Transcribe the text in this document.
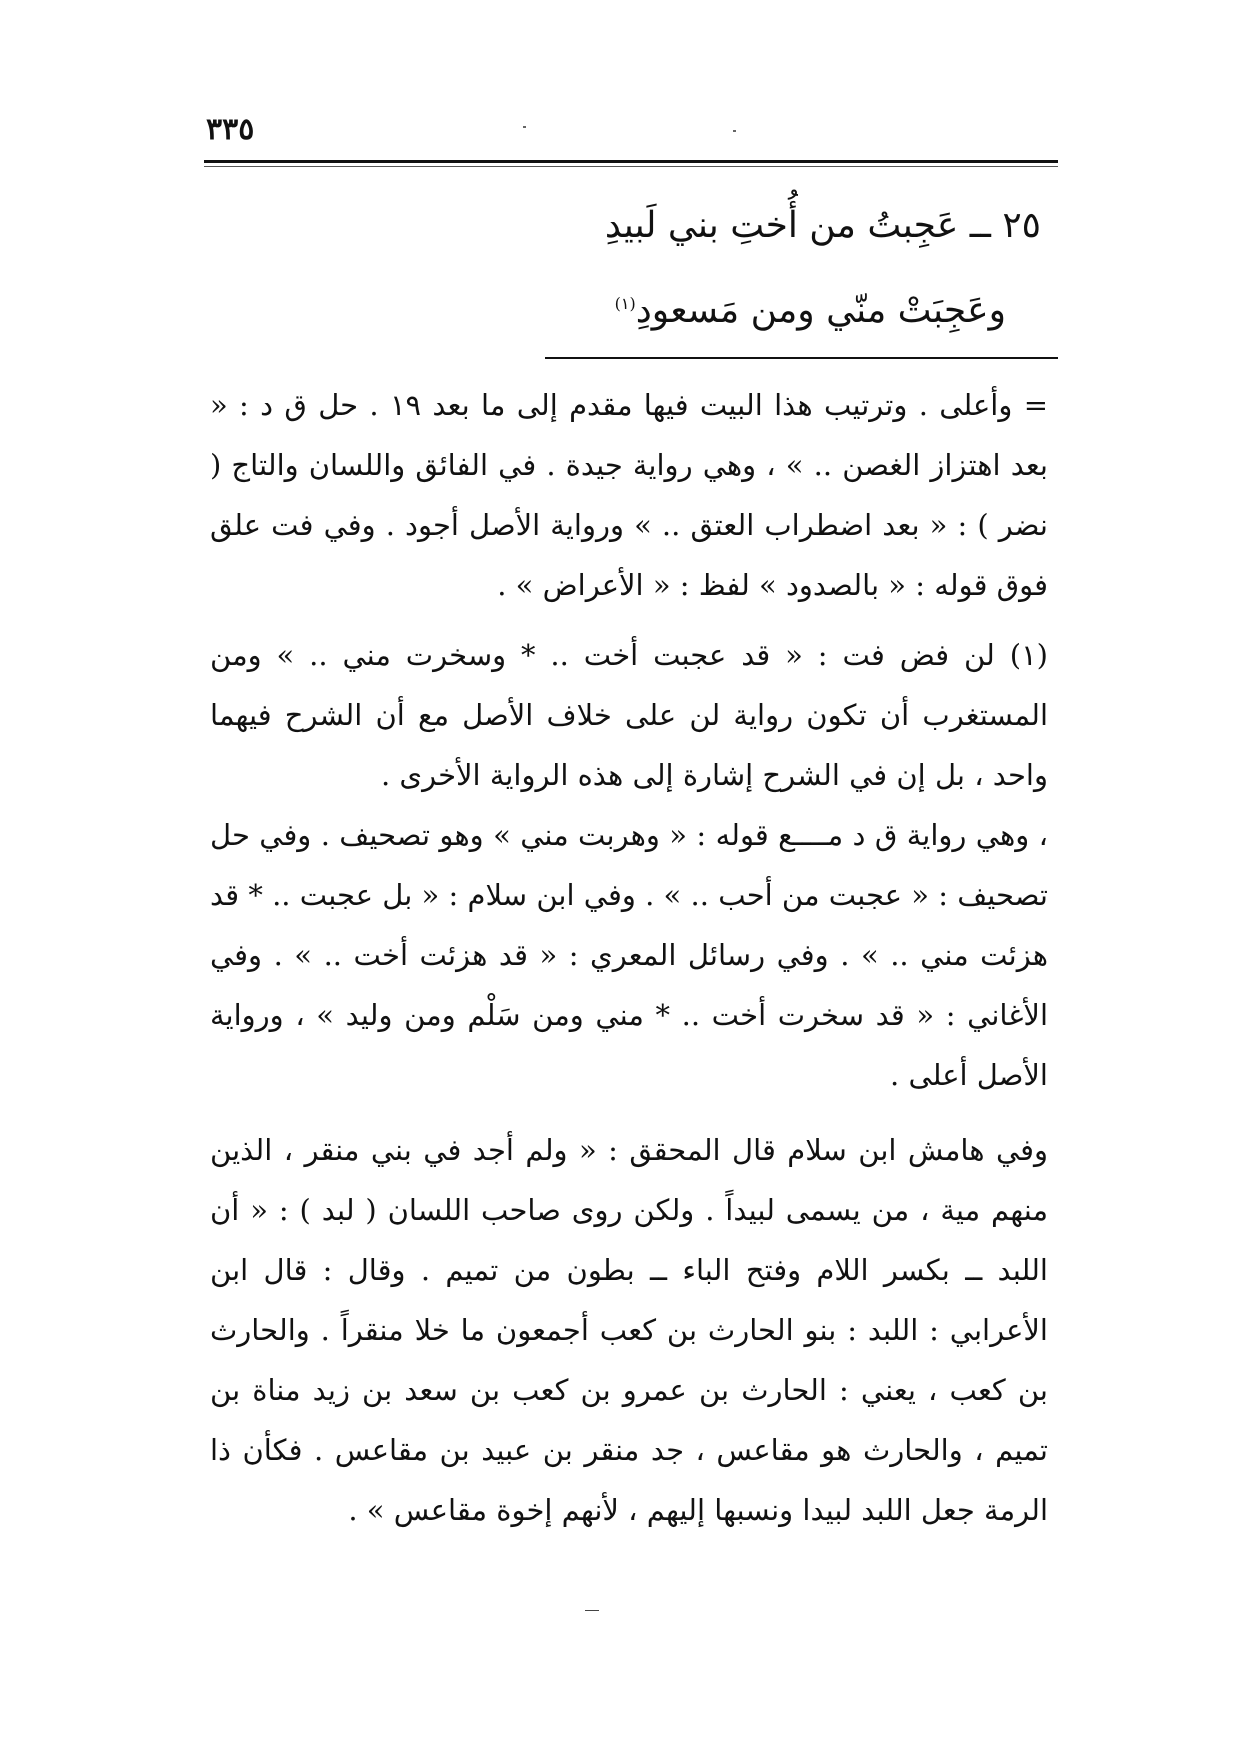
٣٣٥
٢٥ ــ عَجِبتُ من أُختِ بني لَبيدِ
وعَجِبَتْ منّي ومن مَسعودِ$^{(١)}$

= وأعلى . وترتيب هذا البيت فيها مقدم إلى ما بعد ١٩ . حل ق د : « بعد اهتزاز الغصن .. » ، وهي رواية جيدة . في الفائق واللسان والتاج ( نضر ) : « بعد اضطراب العتق .. » ورواية الأصل أجود . وفي فت علق فوق قوله : « بالصدود » لفظ : « الأعراض » .

(١) لن فض فت : « قد عجبت أخت .. * وسخرت مني .. » ومن المستغرب أن تكون رواية لن على خلاف الأصل مع أن الشرح فيهما واحد ، بل إن في الشرح إشارة إلى هذه الرواية الأخرى .

، وهي رواية ق د مــــع قوله : « وهربت مني » وهو تصحيف . وفي حل تصحيف : « عجبت من أحب .. » . وفي ابن سلام : « بل عجبت .. * قد هزئت مني .. » . وفي رسائل المعري : « قد هزئت أخت .. » . وفي الأغاني : « قد سخرت أخت .. * مني ومن سَلْم ومن وليد » ، ورواية الأصل أعلى .

وفي هامش ابن سلام قال المحقق : « ولم أجد في بني منقر ، الذين منهم مية ، من يسمى لبيداً . ولكن روى صاحب اللسان ( لبد ) : « أن اللبد ــ بكسر اللام وفتح الباء ــ بطون من تميم . وقال : قال ابن الأعرابي : اللبد : بنو الحارث بن كعب أجمعون ما خلا منقراً . والحارث بن كعب ، يعني : الحارث بن عمرو بن كعب بن سعد بن زيد مناة بن تميم ، والحارث هو مقاعس ، جد منقر بن عبيد بن مقاعس . فكأن ذا الرمة جعل اللبد لبيدا ونسبها إليهم ، لأنهم إخوة مقاعس » .
